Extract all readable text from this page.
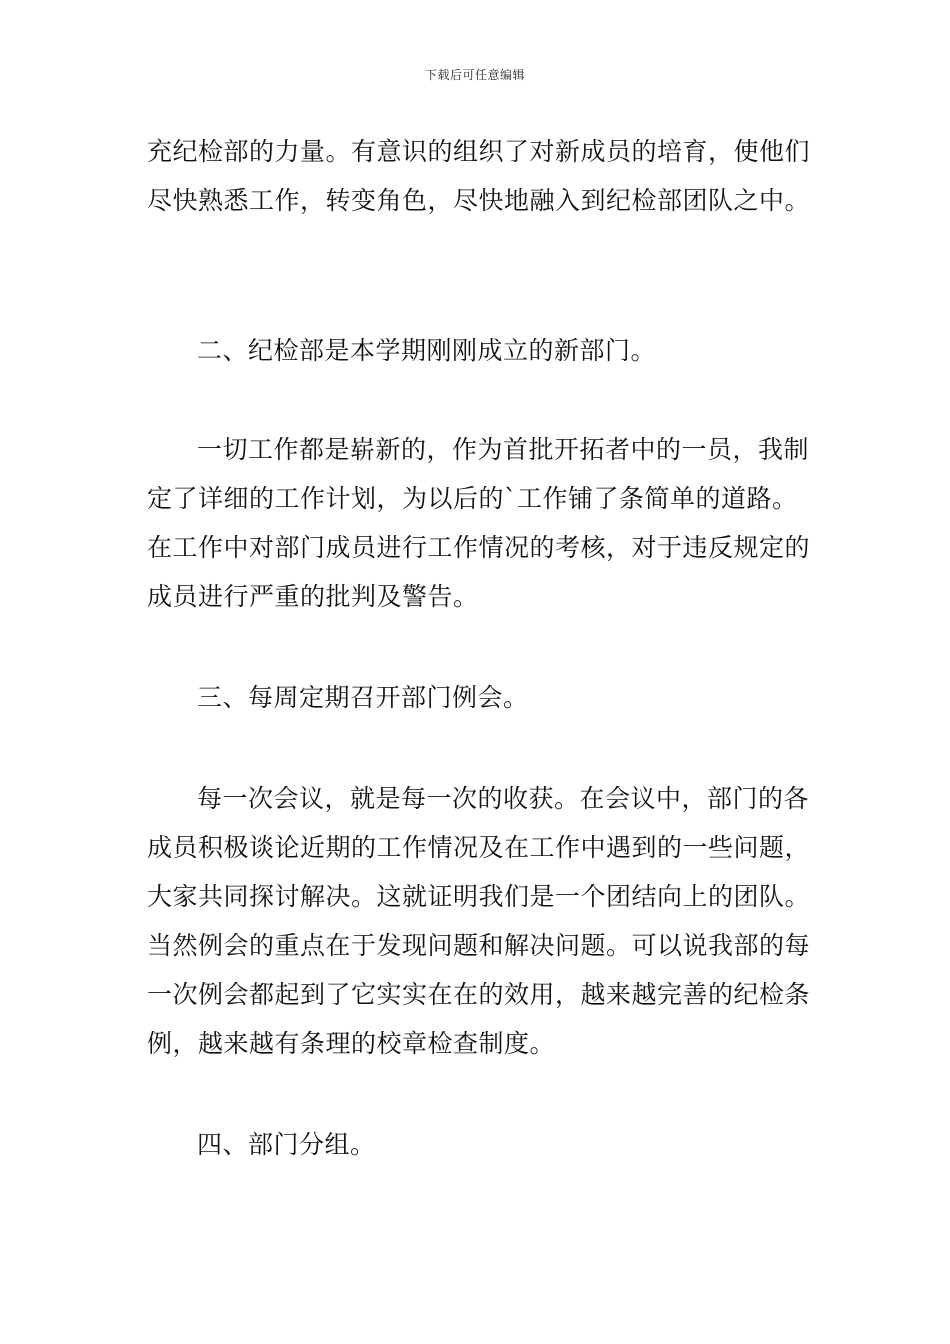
下载后可任意编辑

充纪检部的力量。有意识的组织了对新成员的培育，使他们尽快熟悉工作，转变角色，尽快地融入到纪检部团队之中。

二、纪检部是本学期刚刚成立的新部门。

一切工作都是崭新的，作为首批开拓者中的一员，我制定了详细的工作计划，为以后的`工作铺了条简单的道路。在工作中对部门成员进行工作情况的考核，对于违反规定的成员进行严重的批判及警告。

三、每周定期召开部门例会。

每一次会议，就是每一次的收获。在会议中，部门的各成员积极谈论近期的工作情况及在工作中遇到的一些问题，大家共同探讨解决。这就证明我们是一个团结向上的团队。当然例会的重点在于发现问题和解决问题。可以说我部的每一次例会都起到了它实实在在的效用，越来越完善的纪检条例，越来越有条理的校章检查制度。

四、部门分组。
